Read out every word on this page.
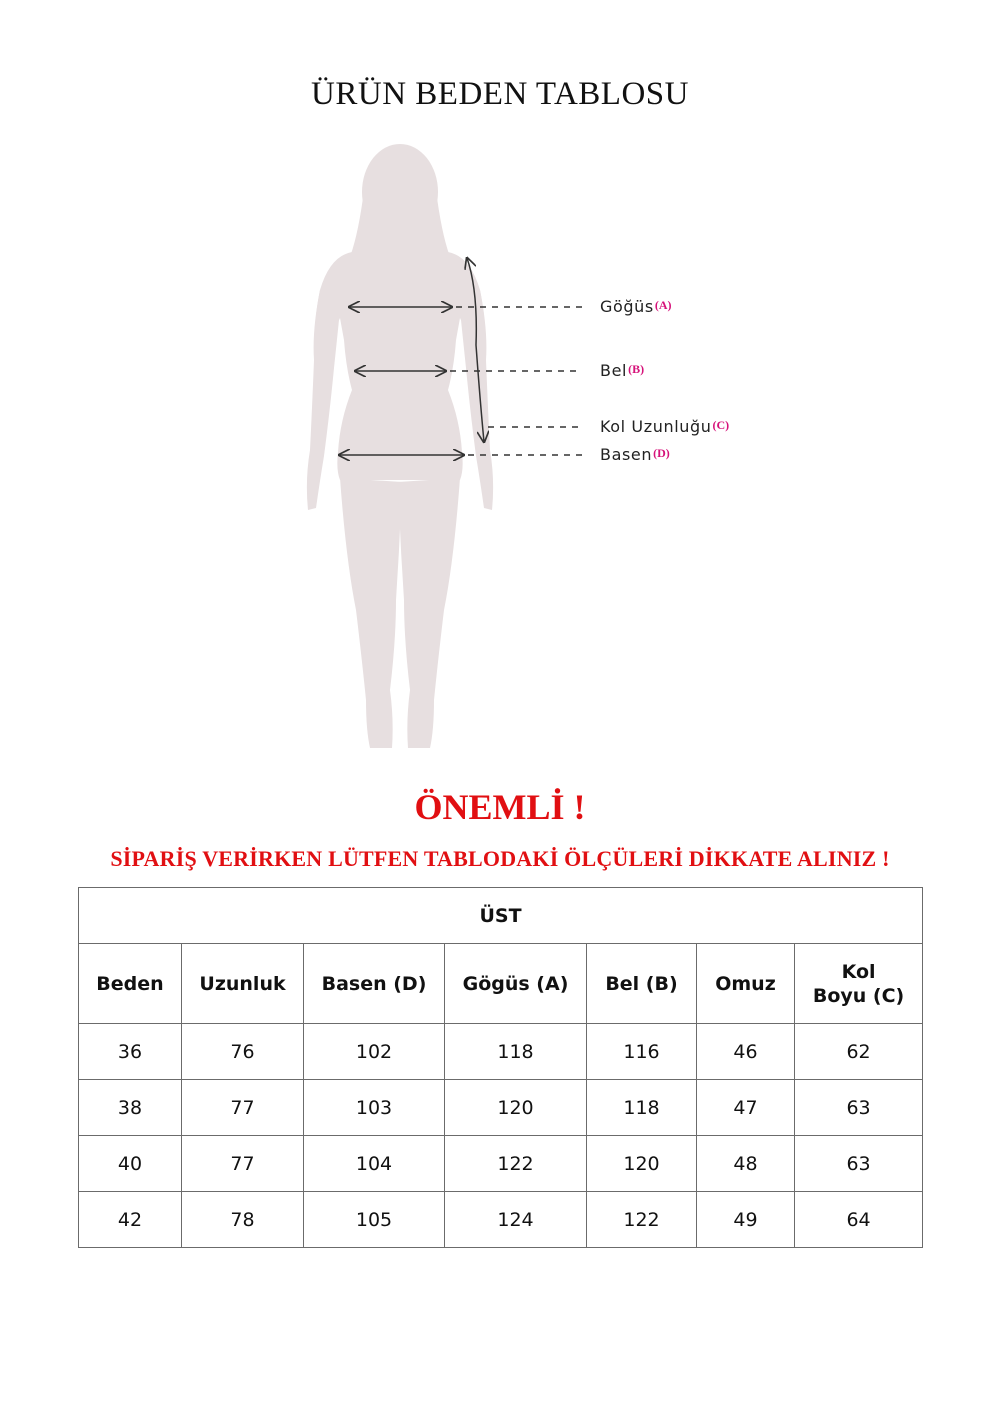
ÜRÜN BEDEN TABLOSU
Göğüs(A)
Bel(B)
Kol Uzunluğu(C)
Basen(D)
ÖNEMLİ !
SİPARİŞ VERİRKEN LÜTFEN TABLODAKİ ÖLÇÜLERİ DİKKATE ALINIZ !
ÜST						
Beden	Uzunluk	Basen (D)	Gögüs (A)	Bel (B)	Omuz	Kol
Boyu (C)
36	76	102	118	116	46	62
38	77	103	120	118	47	63
40	77	104	122	120	48	63
42	78	105	124	122	49	64
